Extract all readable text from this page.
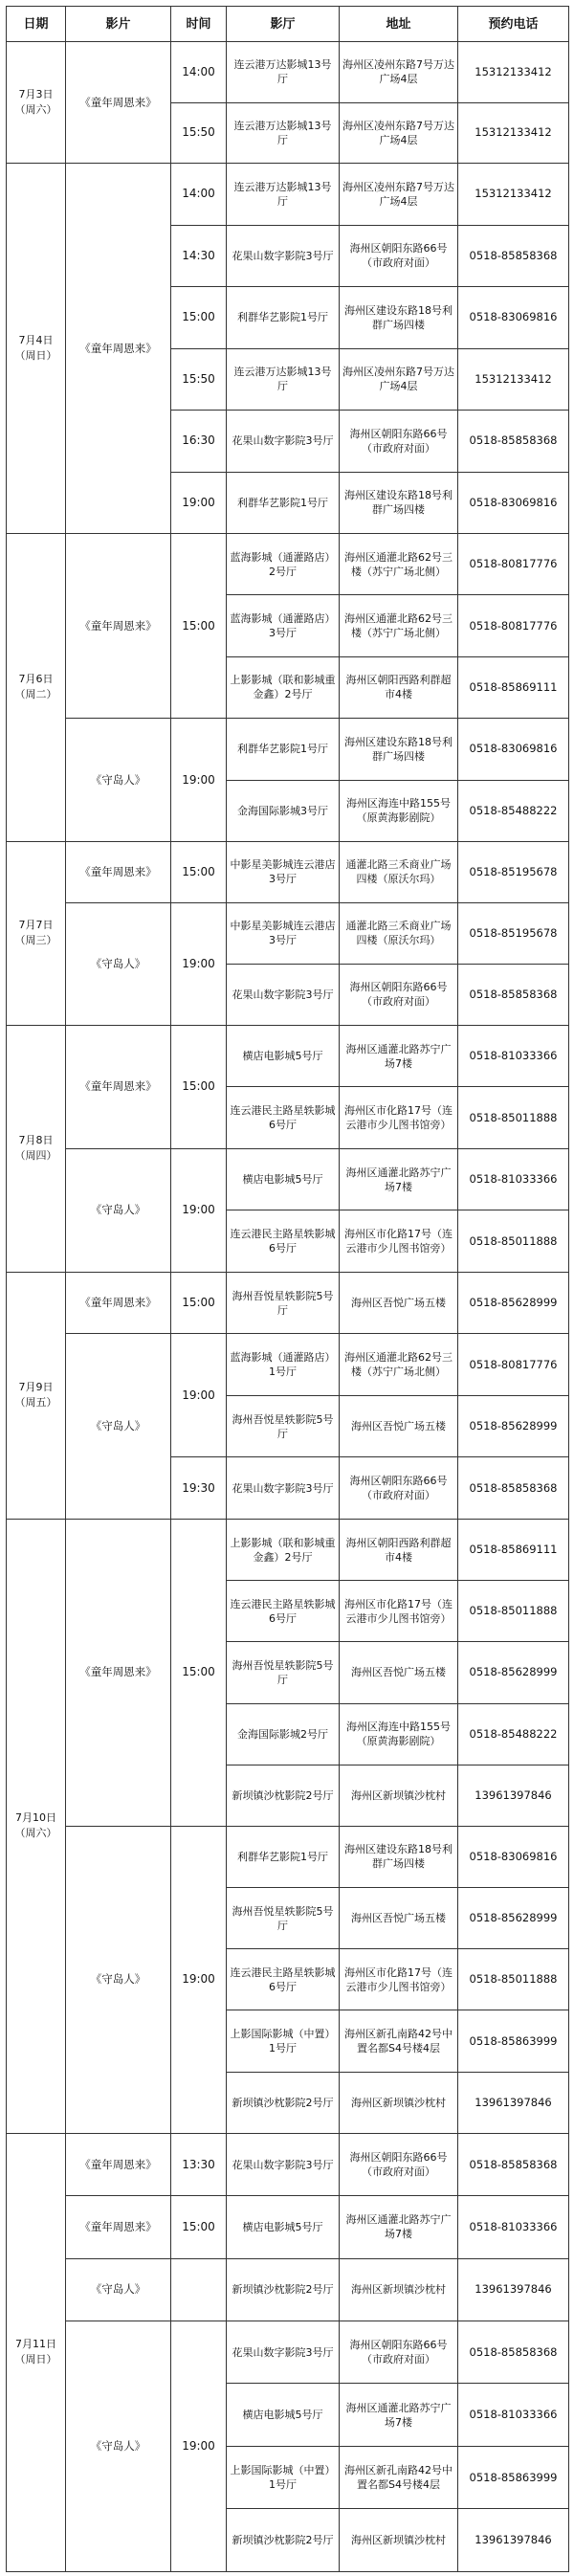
日期	影片	时间	影厅	地址	预约电话

7月3日
（周六）	《童年周恩来》	14:00	连云港万达影城13号厅	海州区凌州东路7号万达广场4层	15312133412
		15:50	连云港万达影城13号厅	海州区凌州东路7号万达广场4层	15312133412

7月4日
（周日）	《童年周恩来》	14:00	连云港万达影城13号厅	海州区凌州东路7号万达广场4层	15312133412
		14:30	花果山数字影院3号厅	海州区朝阳东路66号（市政府对面）	0518-85858368
		15:00	利群华艺影院1号厅	海州区建设东路18号利群广场四楼	0518-83069816
		15:50	连云港万达影城13号厅	海州区凌州东路7号万达广场4层	15312133412
		16:30	花果山数字影院3号厅	海州区朝阳东路66号（市政府对面）	0518-85858368
		19:00	利群华艺影院1号厅	海州区建设东路18号利群广场四楼	0518-83069816

7月6日
（周二）	《童年周恩来》	15:00	蓝海影城（通灌路店）2号厅	海州区通灌北路62号三楼（苏宁广场北侧）	0518-80817776
			蓝海影城（通灌路店）3号厅	海州区通灌北路62号三楼（苏宁广场北侧）	0518-80817776
			上影影城（联和影城重金鑫）2号厅	海州区朝阳西路利群超市4楼	0518-85869111
	《守岛人》	19:00	利群华艺影院1号厅	海州区建设东路18号利群广场四楼	0518-83069816
			金海国际影城3号厅	海州区海连中路155号（原黄海影剧院）	0518-85488222

7月7日
（周三）	《童年周恩来》	15:00	中影星美影城连云港店3号厅	通灌北路三禾商业广场四楼（原沃尔玛）	0518-85195678
	《守岛人》	19:00	中影星美影城连云港店3号厅	通灌北路三禾商业广场四楼（原沃尔玛）	0518-85195678
			花果山数字影院3号厅	海州区朝阳东路66号（市政府对面）	0518-85858368

7月8日
（周四）	《童年周恩来》	15:00	横店电影城5号厅	海州区通灌北路苏宁广场7楼	0518-81033366
			连云港民主路星轶影城6号厅	海州区市化路17号（连云港市少儿图书馆旁）	0518-85011888
	《守岛人》	19:00	横店电影城5号厅	海州区通灌北路苏宁广场7楼	0518-81033366
			连云港民主路星轶影城6号厅	海州区市化路17号（连云港市少儿图书馆旁）	0518-85011888

7月9日
（周五）	《童年周恩来》	15:00	海州吾悦星轶影院5号厅	海州区吾悦广场五楼	0518-85628999
	《守岛人》	19:00	蓝海影城（通灌路店）1号厅	海州区通灌北路62号三楼（苏宁广场北侧）	0518-80817776
			海州吾悦星轶影院5号厅	海州区吾悦广场五楼	0518-85628999
		19:30	花果山数字影院3号厅	海州区朝阳东路66号（市政府对面）	0518-85858368

7月10日
（周六）	《童年周恩来》	15:00	上影影城（联和影城重金鑫）2号厅	海州区朝阳西路利群超市4楼	0518-85869111
			连云港民主路星轶影城6号厅	海州区市化路17号（连云港市少儿图书馆旁）	0518-85011888
			海州吾悦星轶影院5号厅	海州区吾悦广场五楼	0518-85628999
			金海国际影城2号厅	海州区海连中路155号（原黄海影剧院）	0518-85488222
			新坝镇沙枕影院2号厅	海州区新坝镇沙枕村	13961397846
	《守岛人》	19:00	利群华艺影院1号厅	海州区建设东路18号利群广场四楼	0518-83069816
			海州吾悦星轶影院5号厅	海州区吾悦广场五楼	0518-85628999
			连云港民主路星轶影城6号厅	海州区市化路17号（连云港市少儿图书馆旁）	0518-85011888
			上影国际影城（中置）1号厅	海州区新孔南路42号中置名都S4号楼4层	0518-85863999
			新坝镇沙枕影院2号厅	海州区新坝镇沙枕村	13961397846

7月11日
（周日）	《童年周恩来》	13:30	花果山数字影院3号厅	海州区朝阳东路66号（市政府对面）	0518-85858368
	《童年周恩来》	15:00	横店电影城5号厅	海州区通灌北路苏宁广场7楼	0518-81033366
	《守岛人》		新坝镇沙枕影院2号厅	海州区新坝镇沙枕村	13961397846
	《守岛人》	19:00	花果山数字影院3号厅	海州区朝阳东路66号（市政府对面）	0518-85858368
			横店电影城5号厅	海州区通灌北路苏宁广场7楼	0518-81033366
			上影国际影城（中置）1号厅	海州区新孔南路42号中置名都S4号楼4层	0518-85863999
			新坝镇沙枕影院2号厅	海州区新坝镇沙枕村	13961397846
